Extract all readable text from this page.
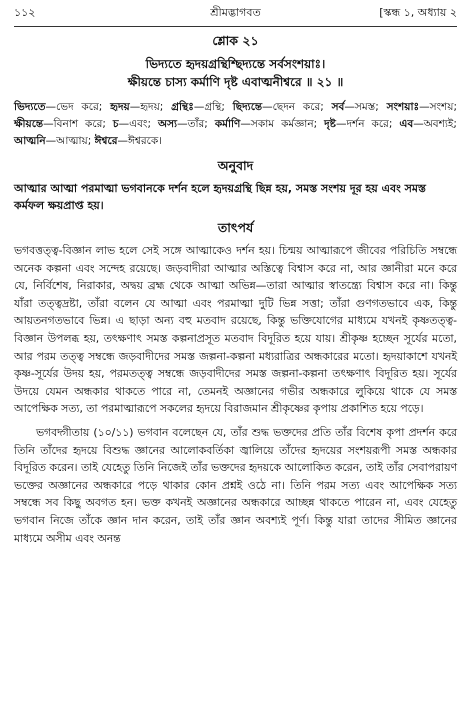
১১২	শ্রীমদ্ভাগবত	[স্কন্ধ ১, অধ্যায় ২
শ্লোক ২১

ভিদ্যতে হৃদয়গ্রন্থিশ্ছিদ্যন্তে সর্বসংশয়াঃ।

ক্ষীয়ন্তে চাস্য কর্মাণি দৃষ্ট এবাত্মনীশ্বরে ॥ ২১ ॥

ভিদ্যতে—ভেদ করে; হৃদয়—হৃদয়; গ্রন্থিঃ—গ্রন্থি; ছিদ্যন্তে—ছেদন করে; সর্ব—সমস্ত; সংশয়াঃ—সংশয়; ক্ষীয়ন্তে—বিনাশ করে; চ—এবং; অস্য—তাঁর; কর্মাণি—সকাম কর্মজ্ঞান; দৃষ্ট—দর্শন করে; এব—অবশ্যই; আত্মনি—আত্মায়; ঈশ্বরে—ঈশ্বরকে।

অনুবাদ

আত্মার আত্মা পরমাত্মা ভগবানকে দর্শন হলে হৃদয়গ্রন্থি ছিন্ন হয়, সমস্ত সংশয় দূর হয় এবং সমস্ত কর্মফল ক্ষয়প্রাপ্ত হয়।

তাৎপর্য

ভগবত্তত্ত্ব-বিজ্ঞান লাভ হলে সেই সঙ্গে আত্মাকেও দর্শন হয়। চিন্ময় আত্মারূপে জীবের পরিচিতি সম্বন্ধে অনেক কল্পনা এবং সন্দেহ রয়েছে। জড়বাদীরা আত্মার অস্তিত্বে বিশ্বাস করে না, আর জ্ঞানীরা মনে করে যে, নির্বিশেষ, নিরাকার, অদ্বয় ব্রহ্ম থেকে আত্মা অভিন্ন—তারা আত্মার স্বাতন্ত্র্যে বিশ্বাস করে না। কিন্তু যাঁরা তত্ত্বদ্রষ্টা, তাঁরা বলেন যে আত্মা এবং পরমাত্মা দুটি ভিন্ন সত্তা; তাঁরা গুণগতভাবে এক, কিন্তু আয়তনগতভাবে ভিন্ন। এ ছাড়া অন্য বহু মতবাদ রয়েছে, কিন্তু ভক্তিযোগের মাধ্যমে যখনই কৃষ্ণতত্ত্ব-বিজ্ঞান উপলব্ধ হয়, তৎক্ষণাৎ সমস্ত কল্পনাপ্রসূত মতবাদ বিদূরিত হয়ে যায়। শ্রীকৃষ্ণ হচ্ছেন সূর্যের মতো, আর পরম তত্ত্ব সম্বন্ধে জড়বাদীদের সমস্ত জল্পনা-কল্পনা মধ্যরাত্রির অন্ধকারের মতো। হৃদয়াকাশে যখনই কৃষ্ণ-সূর্যের উদয় হয়, পরমতত্ত্ব সম্বন্ধে জড়বাদীদের সমস্ত জল্পনা-কল্পনা তৎক্ষণাৎ বিদূরিত হয়। সূর্যের উদয়ে যেমন অন্ধকার থাকতে পারে না, তেমনই অজ্ঞানের গভীর অন্ধকারে লুকিয়ে থাকে যে সমস্ত আপেক্ষিক সত্য, তা পরমাত্মারূপে সকলের হৃদয়ে বিরাজমান শ্রীকৃষ্ণের কৃপায় প্রকাশিত হয়ে পড়ে।

ভগবদ্গীতায় (১০/১১) ভগবান বলেছেন যে, তাঁর শুদ্ধ ভক্তদের প্রতি তাঁর বিশেষ কৃপা প্রদর্শন করে তিনি তাঁদের হৃদয়ে বিশুদ্ধ জ্ঞানের আলোকবর্তিকা জ্বালিয়ে তাঁদের হৃদয়ের সংশয়রূপী সমস্ত অন্ধকার বিদূরিত করেন। তাই যেহেতু তিনি নিজেই তাঁর ভক্তদের হৃদয়কে আলোকিত করেন, তাই তাঁর সেবাপরায়ণ ভক্তের অজ্ঞানের অন্ধকারে পড়ে থাকার কোন প্রশ্নই ওঠে না। তিনি পরম সত্য এবং আপেক্ষিক সত্য সম্বন্ধে সব কিছু অবগত হন। ভক্ত কখনই অজ্ঞানের অন্ধকারে আচ্ছন্ন থাকতে পারেন না, এবং যেহেতু ভগবান নিজে তাঁকে জ্ঞান দান করেন, তাই তাঁর জ্ঞান অবশ্যই পূর্ণ। কিন্তু যারা তাদের সীমিত জ্ঞানের মাধ্যমে অসীম এবং অনন্ত
